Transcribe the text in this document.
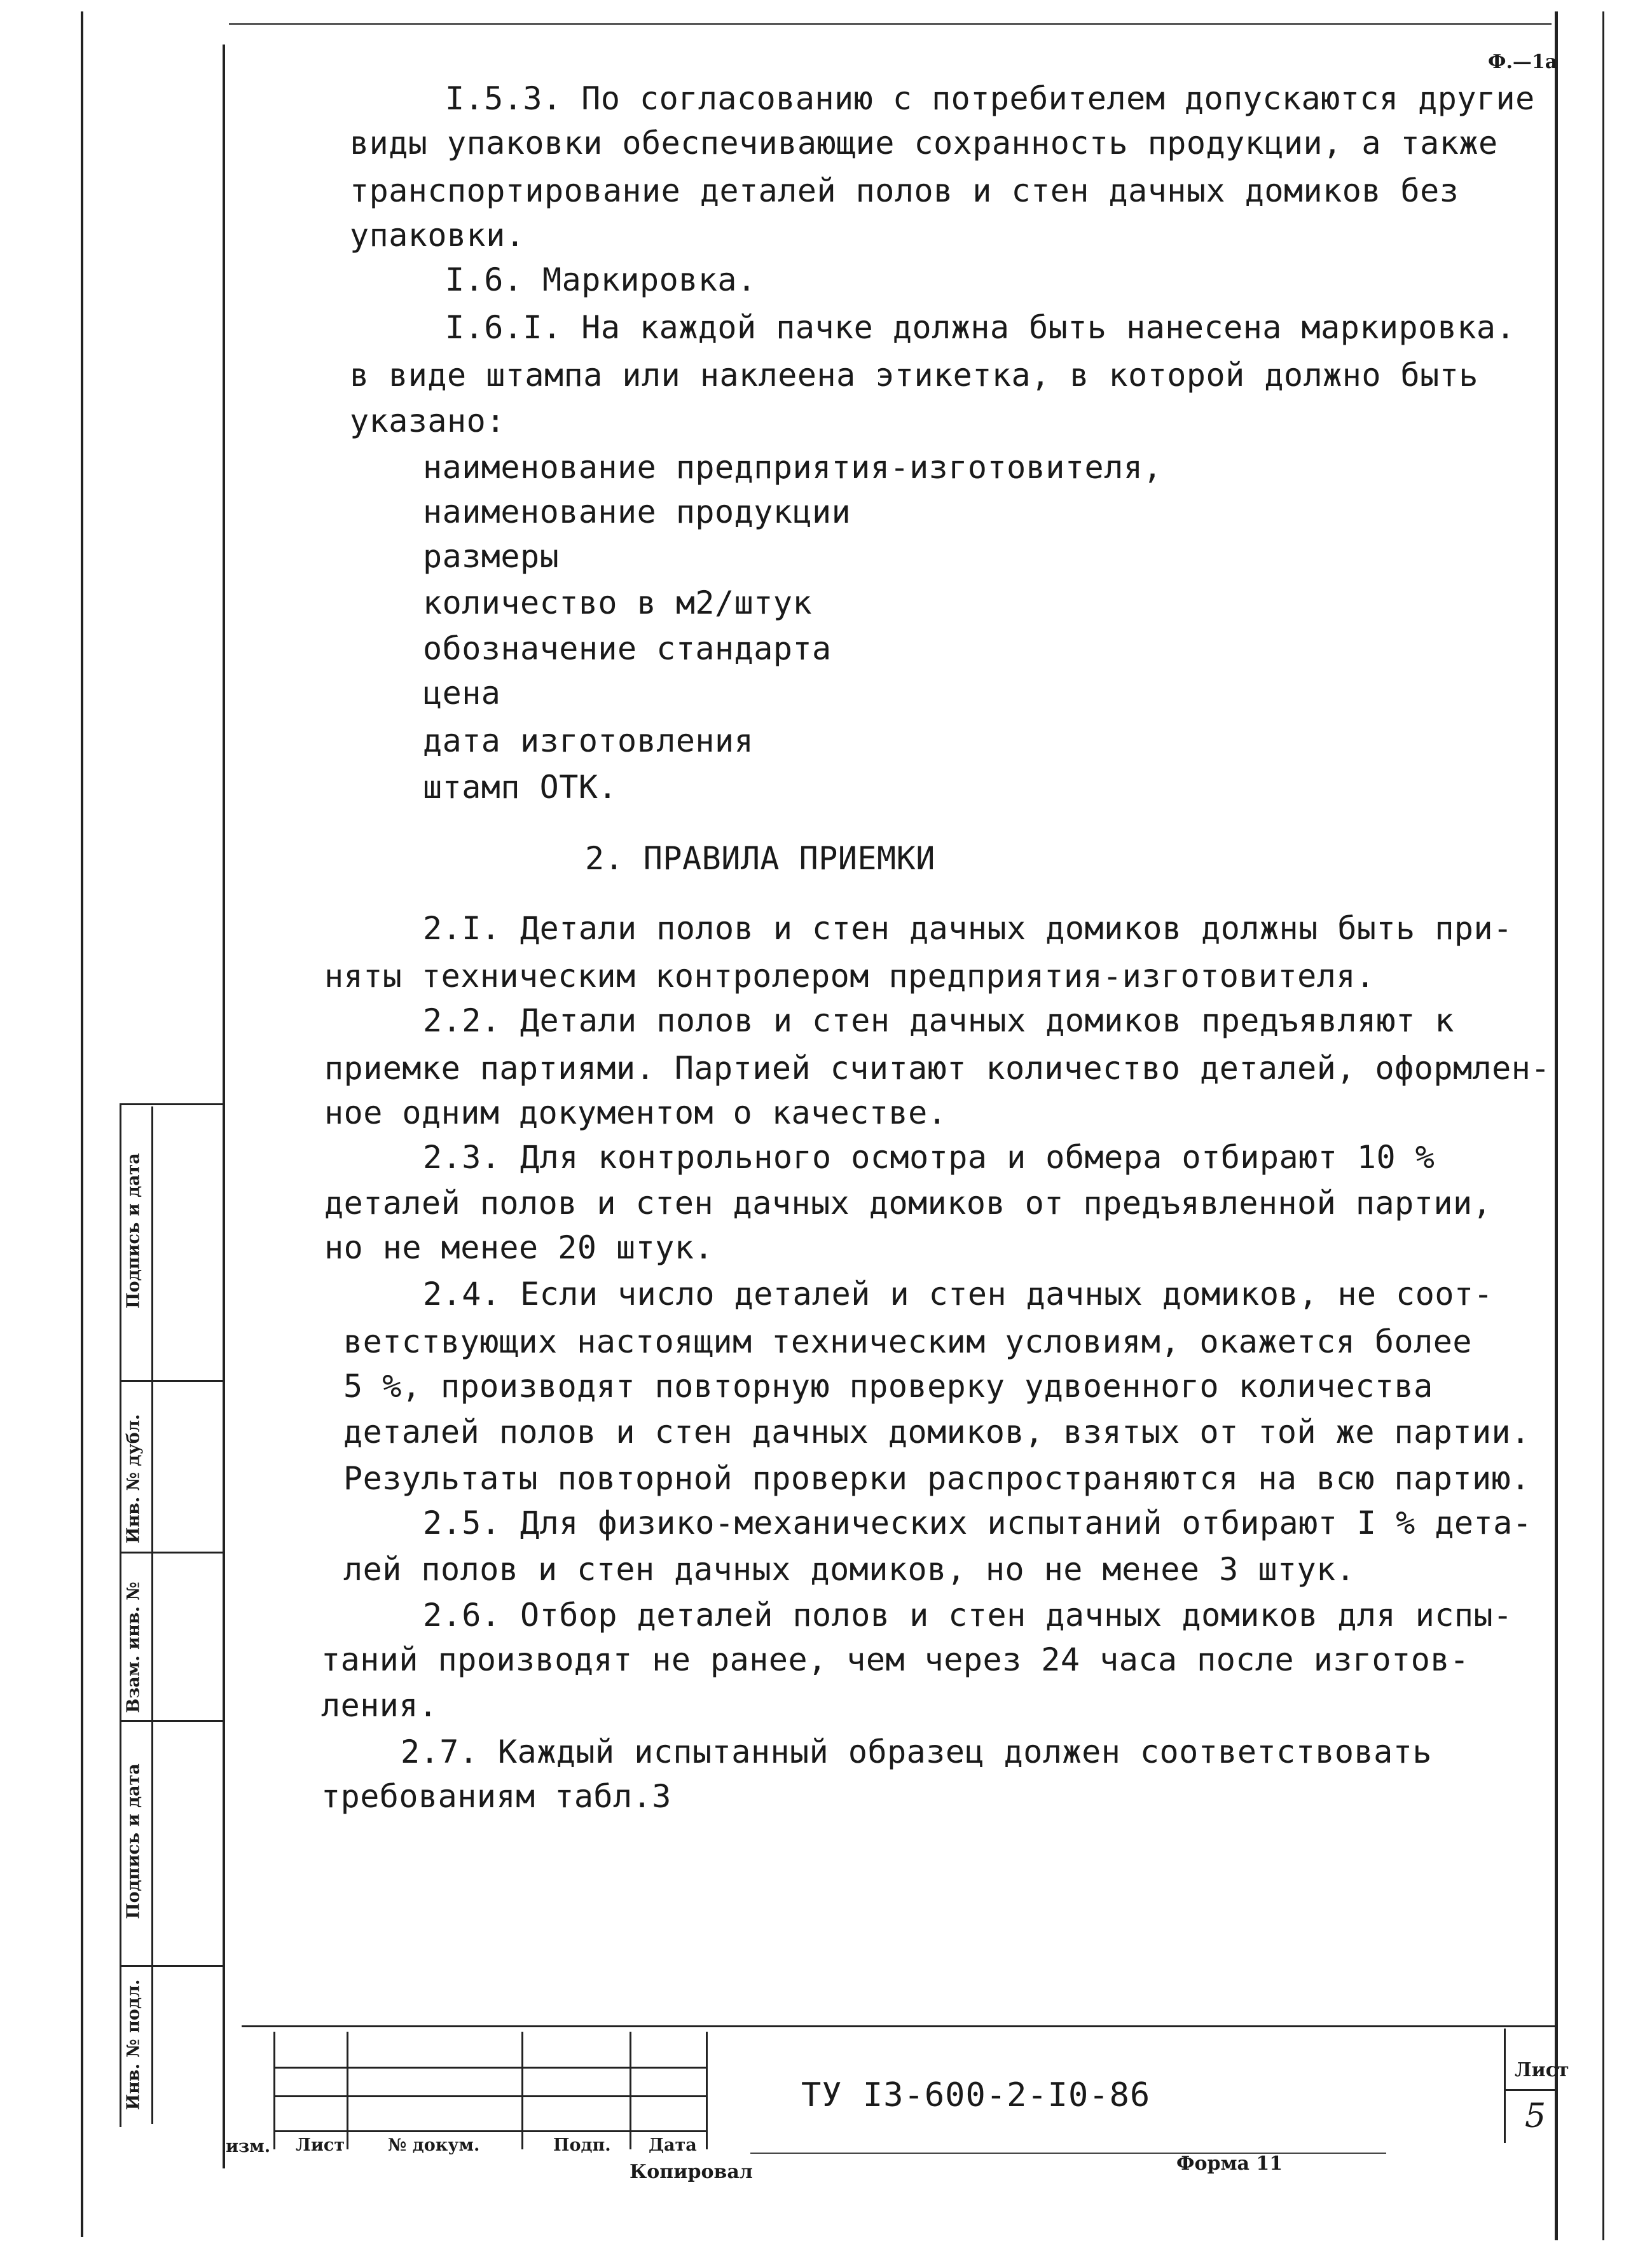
Ф.—1а
I.5.3. По согласованию с потребителем допускаются другие
виды упаковки обеспечивающие сохранность продукции, а также
транспортирование деталей полов и стен дачных домиков без
упаковки.
I.6. Маркировка.
I.6.I. На каждой пачке должна быть нанесена маркировка.
в виде штампа или наклеена этикетка, в которой должно быть
указано:
наименование предприятия-изготовителя,
наименование продукции
размеры
количество в м2/штук
обозначение стандарта
цена
дата изготовления
штамп ОТК.
2. ПРАВИЛА ПРИЕМКИ
2.I. Детали полов и стен дачных домиков должны быть при-
няты техническим контролером предприятия-изготовителя.
2.2. Детали полов и стен дачных домиков предъявляют к
приемке партиями. Партией считают количество деталей, оформлен-
ное одним документом о качестве.
2.3. Для контрольного осмотра и обмера отбирают 10 %
деталей полов и стен дачных домиков от предъявленной партии,
но не менее 20 штук.
2.4. Если число деталей и стен дачных домиков, не соот-
ветствующих настоящим техническим условиям, окажется более
5 %, производят повторную проверку удвоенного количества
деталей полов и стен дачных домиков, взятых от той же партии.
Результаты повторной проверки распространяются на всю партию.
2.5. Для физико-механических испытаний отбирают I % дета-
лей полов и стен дачных домиков, но не менее 3 штук.
2.6. Отбор деталей полов и стен дачных домиков для испы-
таний производят не ранее, чем через 24 часа после изготов-
ления.
2.7. Каждый испытанный образец должен соответствовать
требованиям табл.3
Подпись и дата
Инв. № дубл.
Взам. инв. №
Подпись и дата
Инв. № подл.
изм. Лист	№ докум.	Подп. Дата
ТУ I3-600-2-I0-86
Лист
5
Копировал	Форма 11
